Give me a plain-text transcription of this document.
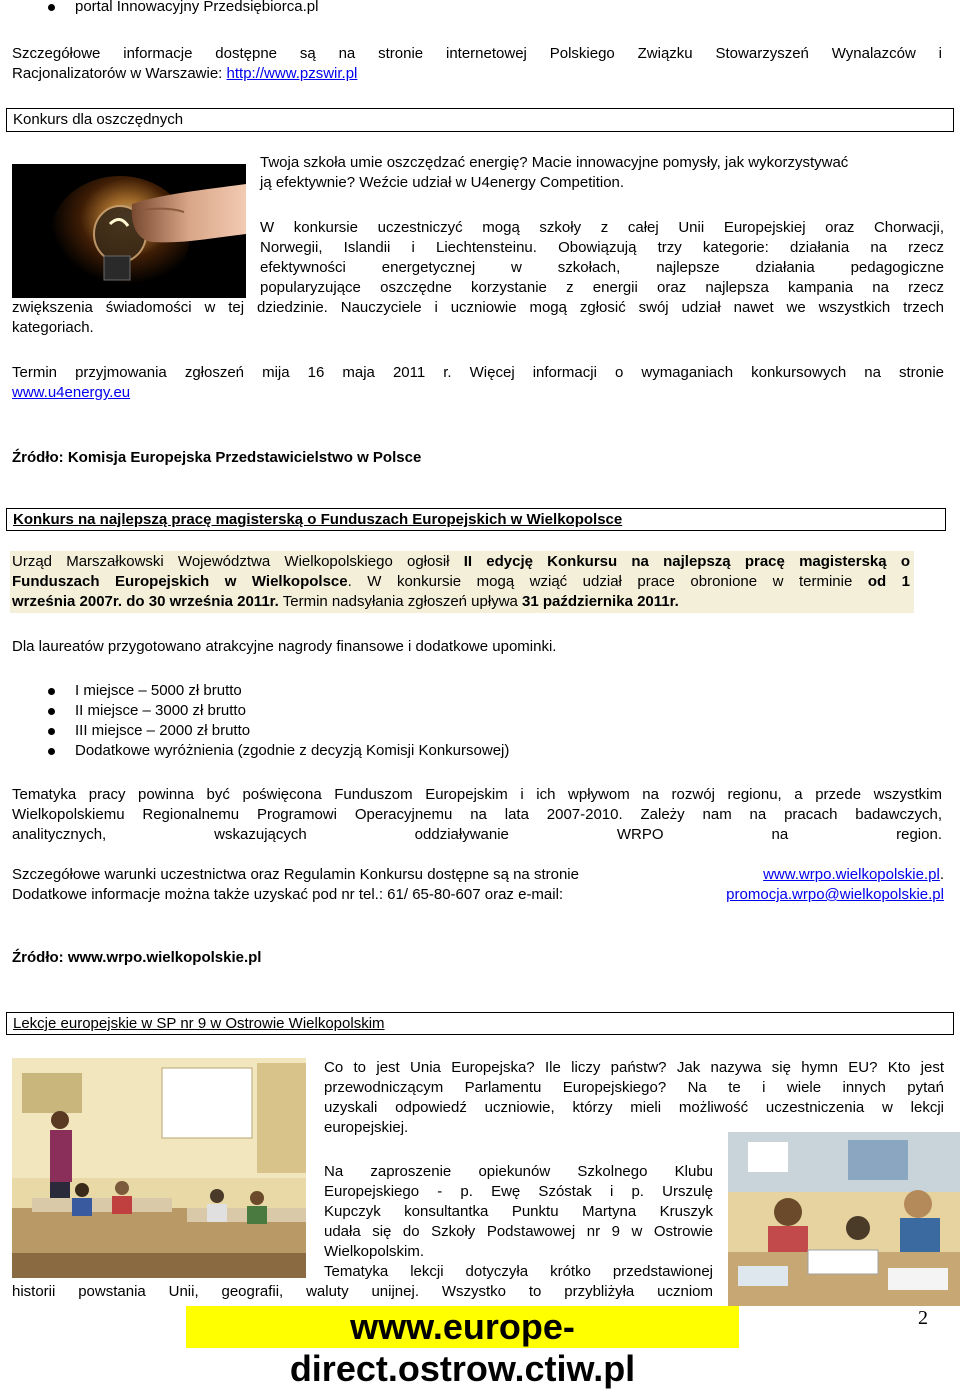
portal Innowacyjny Przedsiębiorca.pl
Szczegółowe informacje dostępne są na stronie internetowej Polskiego Związku Stowarzyszeń Wynalazców i
Racjonalizatorów w Warszawie: http://www.pzswir.pl
Konkurs dla oszczędnych
Twoja szkoła umie oszczędzać energię? Macie innowacyjne pomysły, jak wykorzystywać
ją efektywnie? Weźcie udział w U4energy Competition.
W konkursie uczestniczyć mogą szkoły z całej Unii Europejskiej oraz Chorwacji,
Norwegii, Islandii i Liechtensteinu. Obowiązują trzy kategorie: działania na rzecz
efektywności energetycznej w szkołach, najlepsze działania pedagogiczne
popularyzujące oszczędne korzystanie z energii oraz najlepsza kampania na rzecz
zwiększenia świadomości w tej dziedzinie. Nauczyciele i uczniowie mogą zgłosić swój udział nawet we wszystkich trzech
kategoriach.
Termin przyjmowania zgłoszeń mija 16 maja 2011 r. Więcej informacji o wymaganiach konkursowych na stronie
www.u4energy.eu
Źródło: Komisja Europejska Przedstawicielstwo w Polsce
Konkurs na najlepszą pracę magisterską o Funduszach Europejskich w Wielkopolsce
Urząd Marszałkowski Województwa Wielkopolskiego ogłosił II edycję Konkursu na najlepszą pracę magisterską o
Funduszach Europejskich w Wielkopolsce. W konkursie mogą wziąć udział prace obronione w terminie od 1
września 2007r. do 30 września 2011r. Termin nadsyłania zgłoszeń upływa 31 października 2011r.
Dla laureatów przygotowano atrakcyjne nagrody finansowe i dodatkowe upominki.
I miejsce – 5000 zł brutto
II miejsce – 3000 zł brutto
III miejsce – 2000 zł brutto
Dodatkowe wyróżnienia (zgodnie z decyzją Komisji Konkursowej)
Tematyka pracy powinna być poświęcona Funduszom Europejskim i ich wpływom na rozwój regionu, a przede wszystkim
Wielkopolskiemu Regionalnemu Programowi Operacyjnemu na lata 2007-2010. Zależy nam na pracach badawczych,
analitycznych, wskazujących oddziaływanie WRPO na region.
Szczegółowe warunki uczestnictwa oraz Regulamin Konkursu dostępne są na stronie	www.wrpo.wielkopolskie.pl.
Dodatkowe informacje można także uzyskać pod nr tel.: 61/ 65-80-607 oraz e-mail:	promocja.wrpo@wielkopolskie.pl
Źródło: www.wrpo.wielkopolskie.pl
Lekcje europejskie w SP nr 9 w Ostrowie Wielkopolskim
Co to jest Unia Europejska? Ile liczy państw? Jak nazywa się hymn EU? Kto jest
przewodniczącym Parlamentu Europejskiego? Na te i wiele innych pytań
uzyskali odpowiedź uczniowie, którzy mieli możliwość uczestniczenia w lekcji
europejskiej.
Na zaproszenie opiekunów Szkolnego Klubu
Europejskiego - p. Ewę Szóstak i p. Urszulę
Kupczyk konsultantka Punktu Martyna Kruszyk
udała się do Szkoły Podstawowej nr 9 w Ostrowie
Wielkopolskim.
Tematyka lekcji dotyczyła krótko przedstawionej
historii powstania Unii, geografii, waluty unijnej. Wszystko to przybliżyła uczniom
www.europe-direct.ostrow.ctiw.pl
2
